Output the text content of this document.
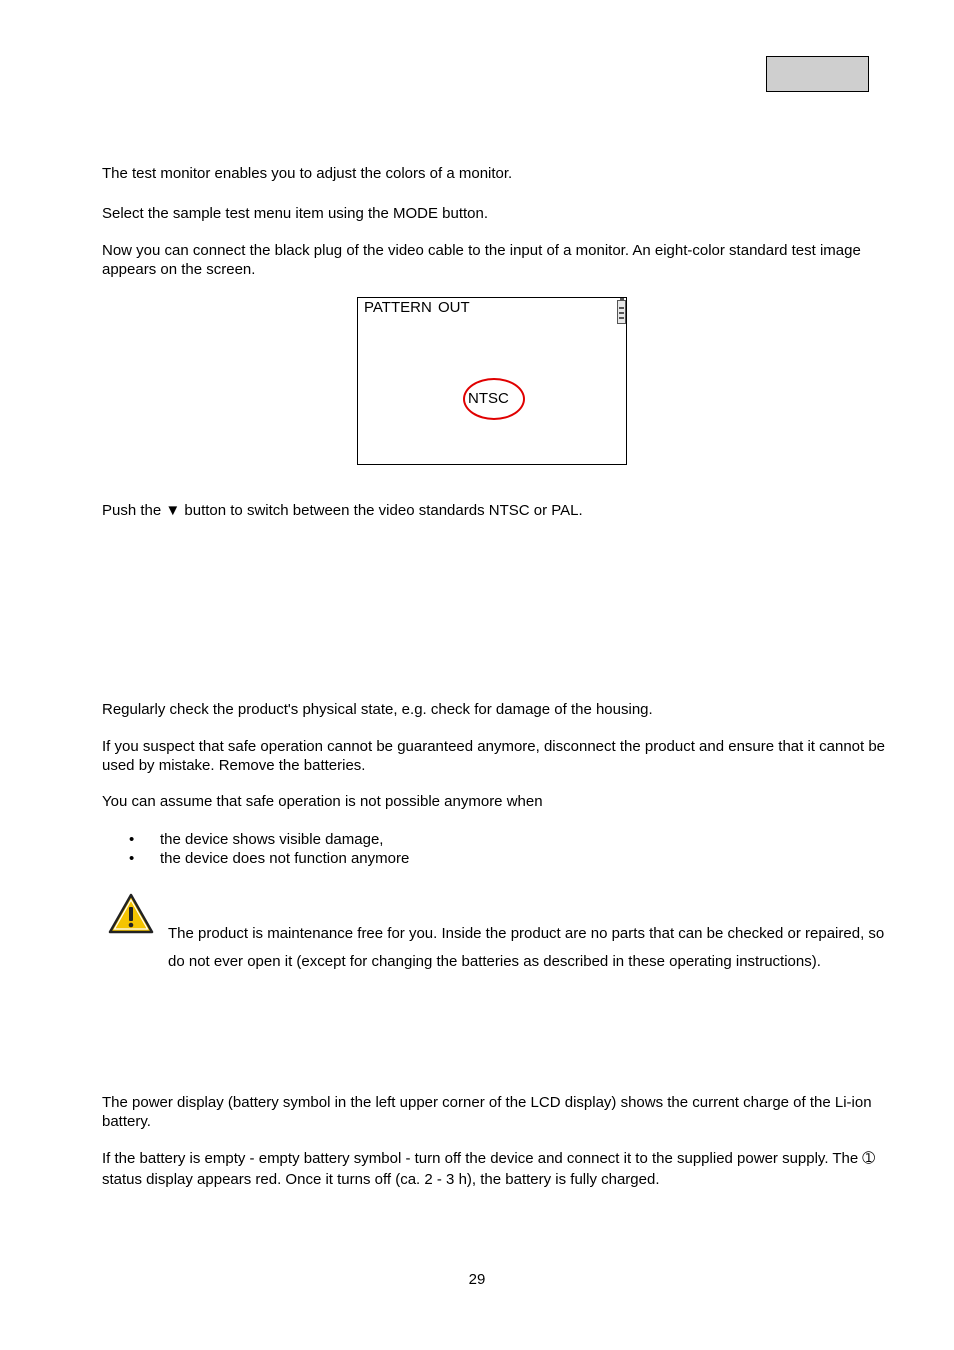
The test monitor enables you to adjust the colors of a monitor.

Select the sample test menu item using the MODE button.

Now you can connect the black plug of the video cable to the input of a monitor. An eight-color standard test image appears on the screen.

PATTERN OUT
NTSC

Push the ▼ button to switch between the video standards NTSC or PAL.

Regularly check the product's physical state, e.g. check for damage of the housing.

If you suspect that safe operation cannot be guaranteed anymore, disconnect the product and ensure that it cannot be used by mistake. Remove the batteries.

You can assume that safe operation is not possible anymore when

• the device shows visible damage,
• the device does not function anymore

The product is maintenance free for you. Inside the product are no parts that can be checked or repaired, so do not ever open it (except for changing the batteries as described in these operating instructions).

The power display (battery symbol in the left upper corner of the LCD display) shows the current charge of the Li-ion battery.

If the battery is empty - empty battery symbol - turn off the device and connect it to the supplied power supply. The ➀ status display appears red. Once it turns off (ca. 2 - 3 h), the battery is fully charged.

29
